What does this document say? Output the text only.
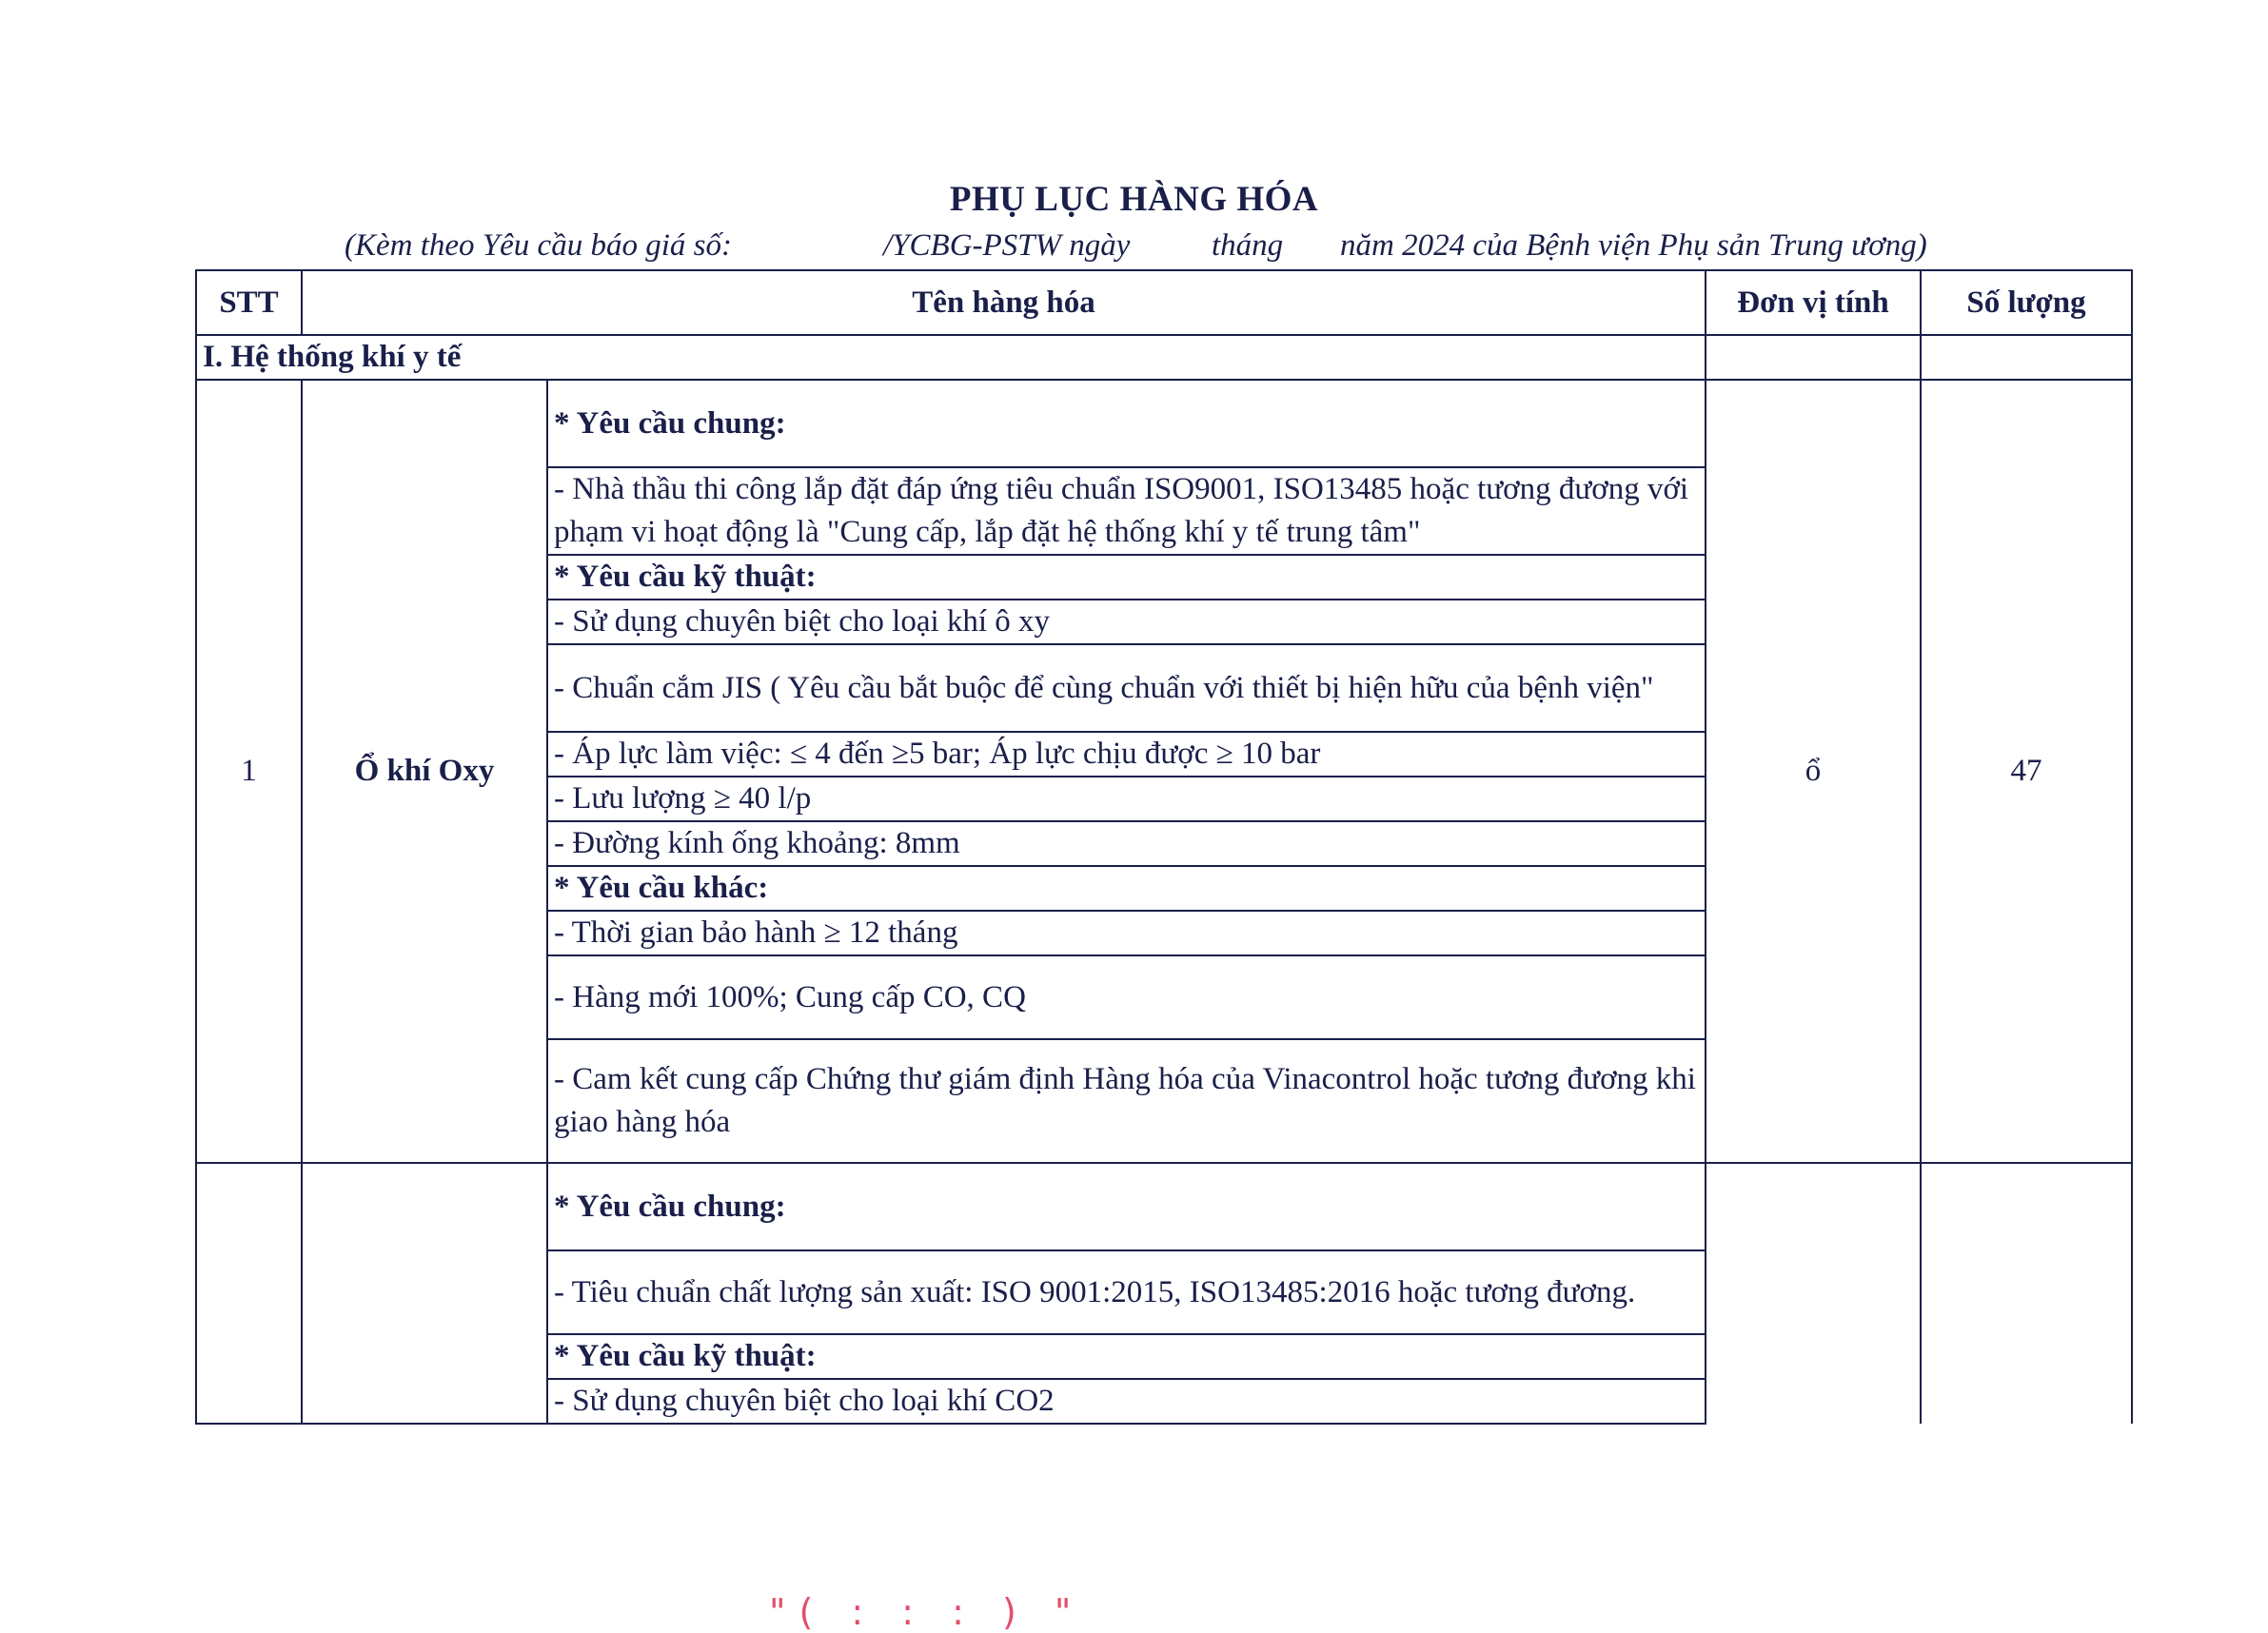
PHỤ LỤC HÀNG HÓA
(Kèm theo Yêu cầu báo giá số:	/YCBG-PSTW ngày	tháng năm 2024 của Bệnh viện Phụ sản Trung ương)
STT	Tên hàng hóa		Đơn vị tính	Số lượng
I. Hệ thống khí y tế				
1	Ổ khí Oxy	* Yêu cầu chung:	ổ	47
		- Nhà thầu thi công lắp đặt đáp ứng tiêu chuẩn ISO9001, ISO13485 hoặc tương đương với phạm vi hoạt động là "Cung cấp, lắp đặt hệ thống khí y tế trung tâm"		
		* Yêu cầu kỹ thuật:		
		- Sử dụng chuyên biệt cho loại khí ô xy		
		- Chuẩn cắm JIS ( Yêu cầu bắt buộc để cùng chuẩn với thiết bị hiện hữu của bệnh viện"		
		- Áp lực làm việc: ≤ 4 đến ≥5 bar; Áp lực chịu được ≥ 10 bar		
		- Lưu lượng ≥ 40 l/p		
		- Đường kính ống khoảng: 8mm		
		* Yêu cầu khác:		
		- Thời gian bảo hành ≥ 12 tháng		
		- Hàng mới 100%; Cung cấp CO, CQ		
		- Cam kết cung cấp Chứng thư giám định Hàng hóa của Vinacontrol hoặc tương đương khi giao hàng hóa		
		* Yêu cầu chung:		
		- Tiêu chuẩn chất lượng sản xuất: ISO 9001:2015, ISO13485:2016 hoặc tương đương.		
		* Yêu cầu kỹ thuật:		
		- Sử dụng chuyên biệt cho loại khí CO2		
"( : : : ) "
